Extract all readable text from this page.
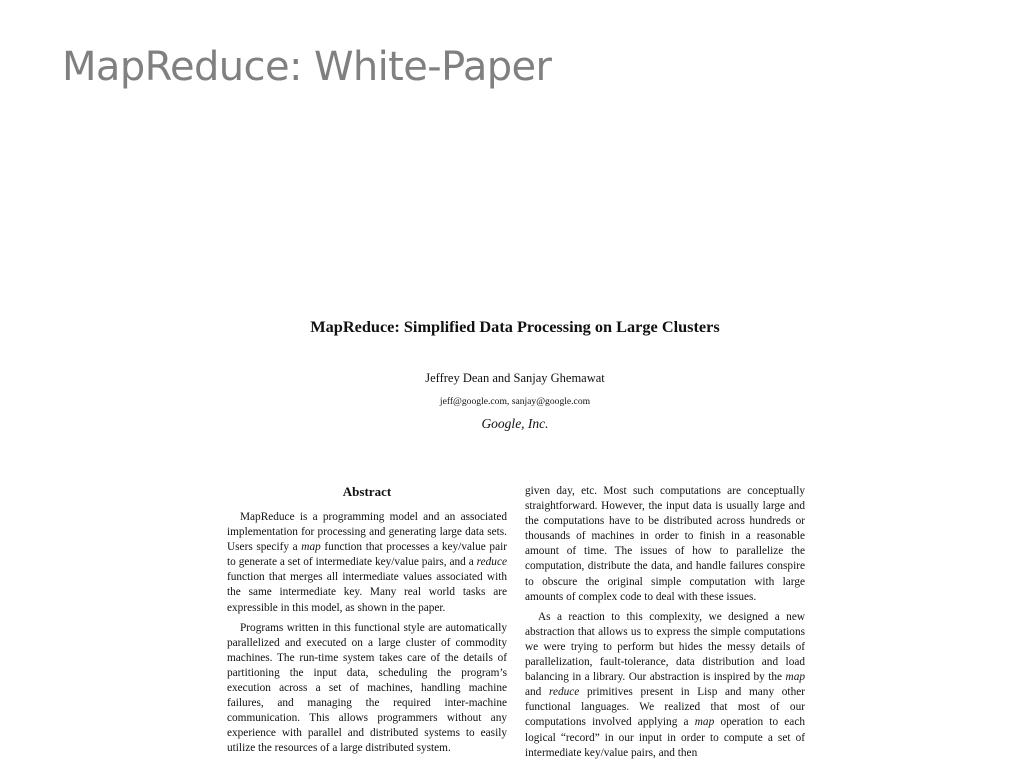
MapReduce: White-Paper
MapReduce: Simplified Data Processing on Large Clusters
Jeffrey Dean and Sanjay Ghemawat
jeff@google.com, sanjay@google.com
Google, Inc.
Abstract

MapReduce is a programming model and an associated implementation for processing and generating large data sets. Users specify a map function that processes a key/value pair to generate a set of intermediate key/value pairs, and a reduce function that merges all intermediate values associated with the same intermediate key. Many real world tasks are expressible in this model, as shown in the paper.

Programs written in this functional style are automatically parallelized and executed on a large cluster of commodity machines. The run-time system takes care of the details of partitioning the input data, scheduling the program’s execution across a set of machines, handling machine failures, and managing the required inter-machine communication. This allows programmers without any experience with parallel and distributed systems to easily utilize the resources of a large distributed system.

given day, etc. Most such computations are conceptually straightforward. However, the input data is usually large and the computations have to be distributed across hundreds or thousands of machines in order to finish in a reasonable amount of time. The issues of how to parallelize the computation, distribute the data, and handle failures conspire to obscure the original simple computation with large amounts of complex code to deal with these issues.

As a reaction to this complexity, we designed a new abstraction that allows us to express the simple computations we were trying to perform but hides the messy details of parallelization, fault-tolerance, data distribution and load balancing in a library. Our abstraction is inspired by the map and reduce primitives present in Lisp and many other functional languages. We realized that most of our computations involved applying a map operation to each logical “record” in our input in order to compute a set of intermediate key/value pairs, and then
